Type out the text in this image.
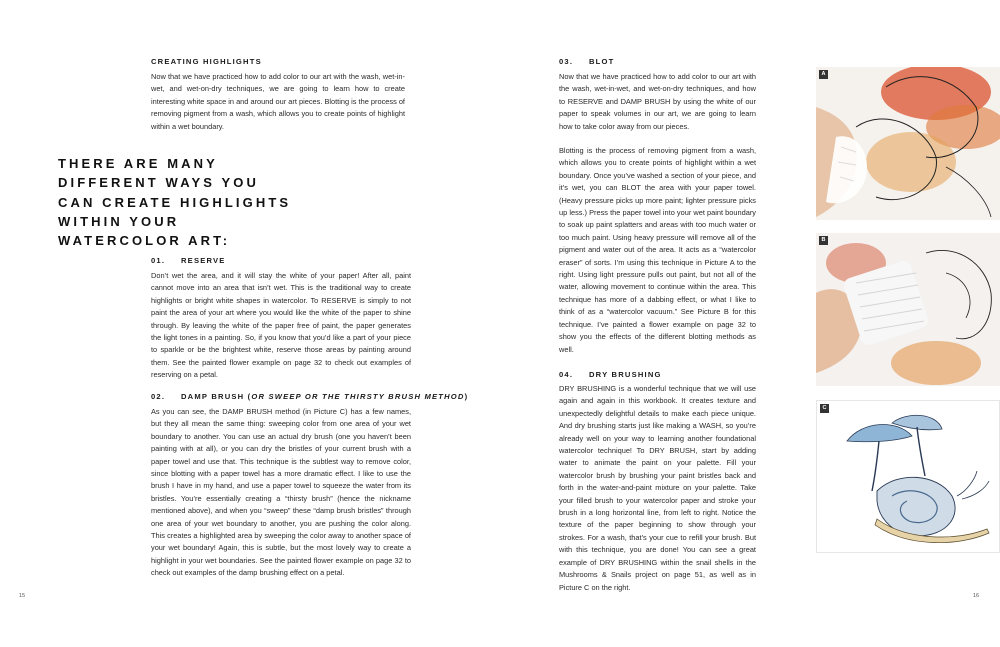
CREATING HIGHLIGHTS

Now that we have practiced how to add color to our art with the wash, wet-in-wet, and wet-on-dry techniques, we are going to learn how to create interesting white space in and around our art pieces. Blotting is the process of removing pigment from a wash, which allows you to create points of highlight within a wet boundary.

THERE ARE MANY DIFFERENT WAYS YOU CAN CREATE HIGHLIGHTS WITHIN YOUR WATERCOLOR ART:

01. RESERVE

Don’t wet the area, and it will stay the white of your paper! After all, paint cannot move into an area that isn’t wet. This is the traditional way to create highlights or bright white shapes in watercolor. To RESERVE is simply to not paint the area of your art where you would like the white of the paper to shine through. By leaving the white of the paper free of paint, the paper generates the light tones in a painting. So, if you know that you’d like a part of your piece to sparkle or be the brightest white, reserve those areas by painting around them. See the painted flower example on page 32 to check out examples of reserving on a petal.

02. DAMP BRUSH (OR SWEEP OR THE THIRSTY BRUSH METHOD)

As you can see, the DAMP BRUSH method (in Picture C) has a few names, but they all mean the same thing: sweeping color from one area of your wet boundary to another. You can use an actual dry brush (one you haven’t been painting with at all), or you can dry the bristles of your current brush with a paper towel and use that. This technique is the subtlest way to remove color, since blotting with a paper towel has a more dramatic effect. I like to use the brush I have in my hand, and use a paper towel to squeeze the water from its bristles. You’re essentially creating a “thirsty brush” (hence the nickname mentioned above), and when you “sweep” these “damp brush bristles” through one area of your wet boundary to another, you are pushing the color along. This creates a highlighted area by sweeping the color away to another space of your wet boundary! Again, this is subtle, but the most lovely way to create a highlight in your wet boundaries. See the painted flower example on page 32 to check out examples of the damp brushing effect on a petal.

15
03. BLOT

Now that we have practiced how to add color to our art with the wash, wet-in-wet, and wet-on-dry techniques, and how to RESERVE and DAMP BRUSH by using the white of our paper to speak volumes in our art, we are going to learn how to take color away from our pieces.

Blotting is the process of removing pigment from a wash, which allows you to create points of highlight within a wet boundary. Once you’ve washed a section of your piece, and it’s wet, you can BLOT the area with your paper towel. (Heavy pressure picks up more paint; lighter pressure picks up less.) Press the paper towel into your wet paint boundary to soak up paint splatters and areas with too much water or too much paint. Using heavy pressure will remove all of the pigment and water out of the area. It acts as a “watercolor eraser” of sorts. I’m using this technique in Picture A to the right. Using light pressure pulls out paint, but not all of the water, allowing movement to continue within the area. This technique has more of a dabbing effect, or what I like to think of as a “watercolor vacuum.” See Picture B for this technique. I’ve painted a flower example on page 32 to show you the effects of the different blotting methods as well.

04. DRY BRUSHING

DRY BRUSHING is a wonderful technique that we will use again and again in this workbook. It creates texture and unexpectedly delightful details to make each piece unique. And dry brushing starts just like making a WASH, so you’re already well on your way to learning another foundational watercolor technique! To DRY BRUSH, start by adding water to animate the paint on your palette. Fill your watercolor brush by brushing your paint bristles back and forth in the water-and-paint mixture on your palette. Take your filled brush to your watercolor paper and stroke your brush in a long horizontal line, from left to right. Notice the texture of the paper beginning to show through your strokes. For a wash, that’s your cue to refill your brush. But with this technique, you are done! You can see a great example of DRY BRUSHING within the snail shells in the Mushrooms & Snails project on page 51, as well as in Picture C on the right.

A
B
C
16
